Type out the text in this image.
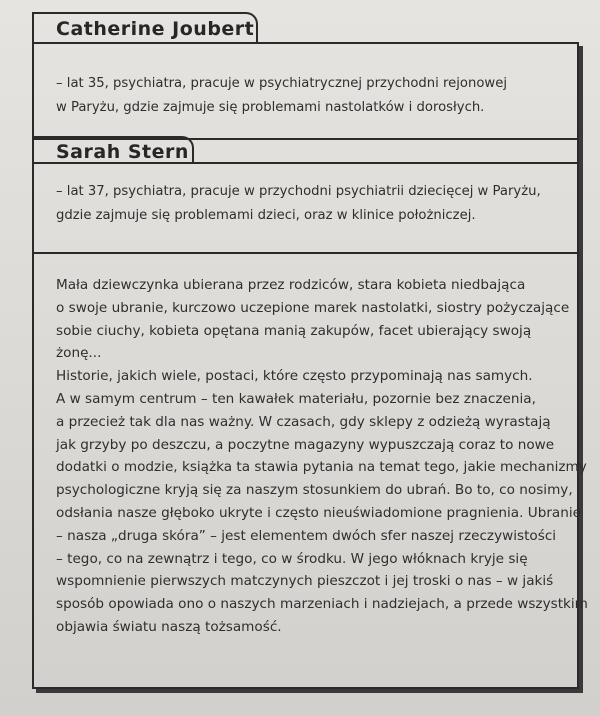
Catherine Joubert
– lat 35, psychiatra, pracuje w psychiatrycznej przychodni rejonowej
w Paryżu, gdzie zajmuje się problemami nastolatków i dorosłych.
Sarah Stern
– lat 37, psychiatra, pracuje w przychodni psychiatrii dziecięcej w Paryżu,
gdzie zajmuje się problemami dzieci, oraz w klinice położniczej.
Mała dziewczynka ubierana przez rodziców, stara kobieta niedbająca
o swoje ubranie, kurczowo uczepione marek nastolatki, siostry pożyczające
sobie ciuchy, kobieta opętana manią zakupów, facet ubierający swoją
żonę...
Historie, jakich wiele, postaci, które często przypominają nas samych.
A w samym centrum – ten kawałek materiału, pozornie bez znaczenia,
a przecież tak dla nas ważny. W czasach, gdy sklepy z odzieżą wyrastają
jak grzyby po deszczu, a poczytne magazyny wypuszczają coraz to nowe
dodatki o modzie, książka ta stawia pytania na temat tego, jakie mechanizmy
psychologiczne kryją się za naszym stosunkiem do ubrań. Bo to, co nosimy,
odsłania nasze głęboko ukryte i często nieuświadomione pragnienia. Ubranie
– nasza „druga skóra” – jest elementem dwóch sfer naszej rzeczywistości
– tego, co na zewnątrz i tego, co w środku. W jego włóknach kryje się
wspomnienie pierwszych matczynych pieszczot i jej troski o nas – w jakiś
sposób opowiada ono o naszych marzeniach i nadziejach, a przede wszystkim
objawia światu naszą tożsamość.
